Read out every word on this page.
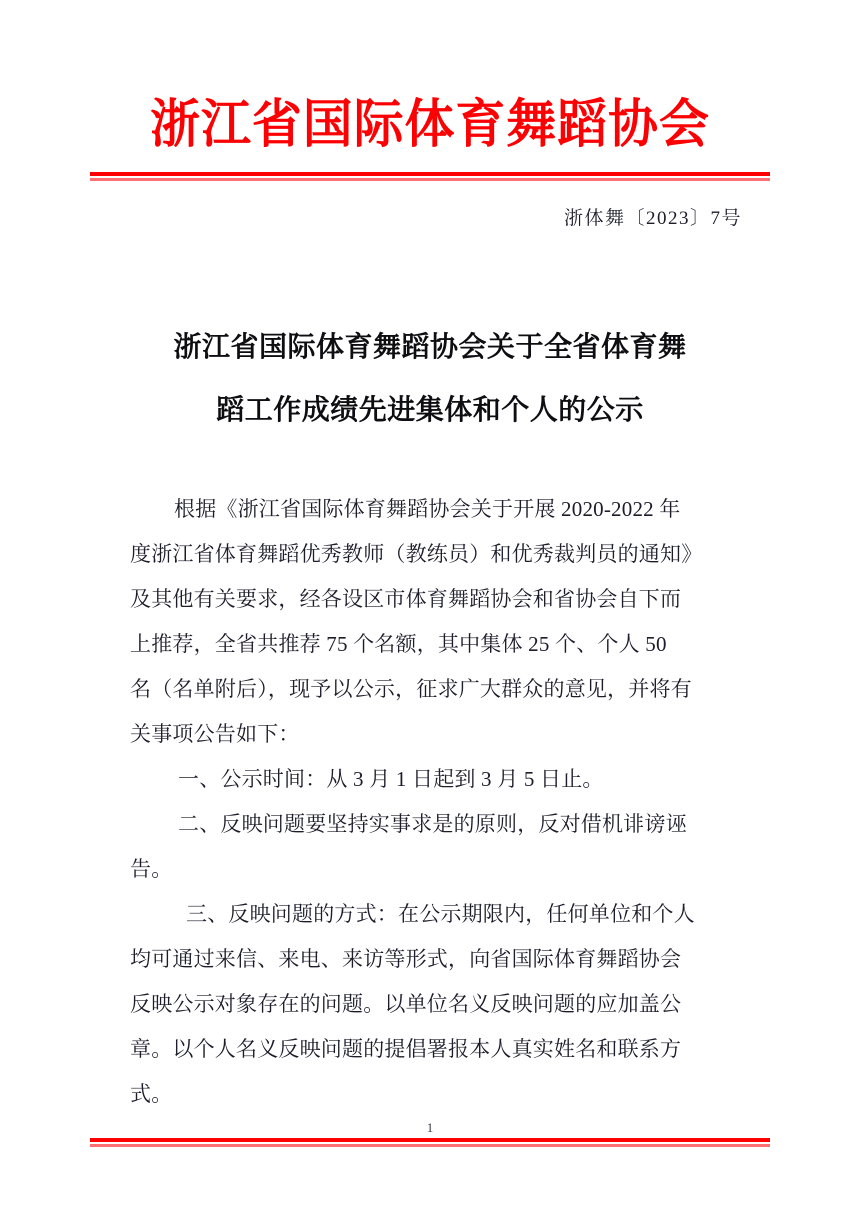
浙江省国际体育舞蹈协会
浙体舞〔2023〕7号
浙江省国际体育舞蹈协会关于全省体育舞
蹈工作成绩先进集体和个人的公示

根据《浙江省国际体育舞蹈协会关于开展 2020-2022 年
度浙江省体育舞蹈优秀教师（教练员）和优秀裁判员的通知》
及其他有关要求，经各设区市体育舞蹈协会和省协会自下而
上推荐，全省共推荐 75 个名额，其中集体 25 个、个人 50
名（名单附后），现予以公示，征求广大群众的意见，并将有
关事项公告如下：

一、公示时间：从 3 月 1 日起到 3 月 5 日止。

二、反映问题要坚持实事求是的原则，反对借机诽谤诬
告。

三、反映问题的方式：在公示期限内，任何单位和个人
均可通过来信、来电、来访等形式，向省国际体育舞蹈协会
反映公示对象存在的问题。以单位名义反映问题的应加盖公
章。以个人名义反映问题的提倡署报本人真实姓名和联系方
式。

1
